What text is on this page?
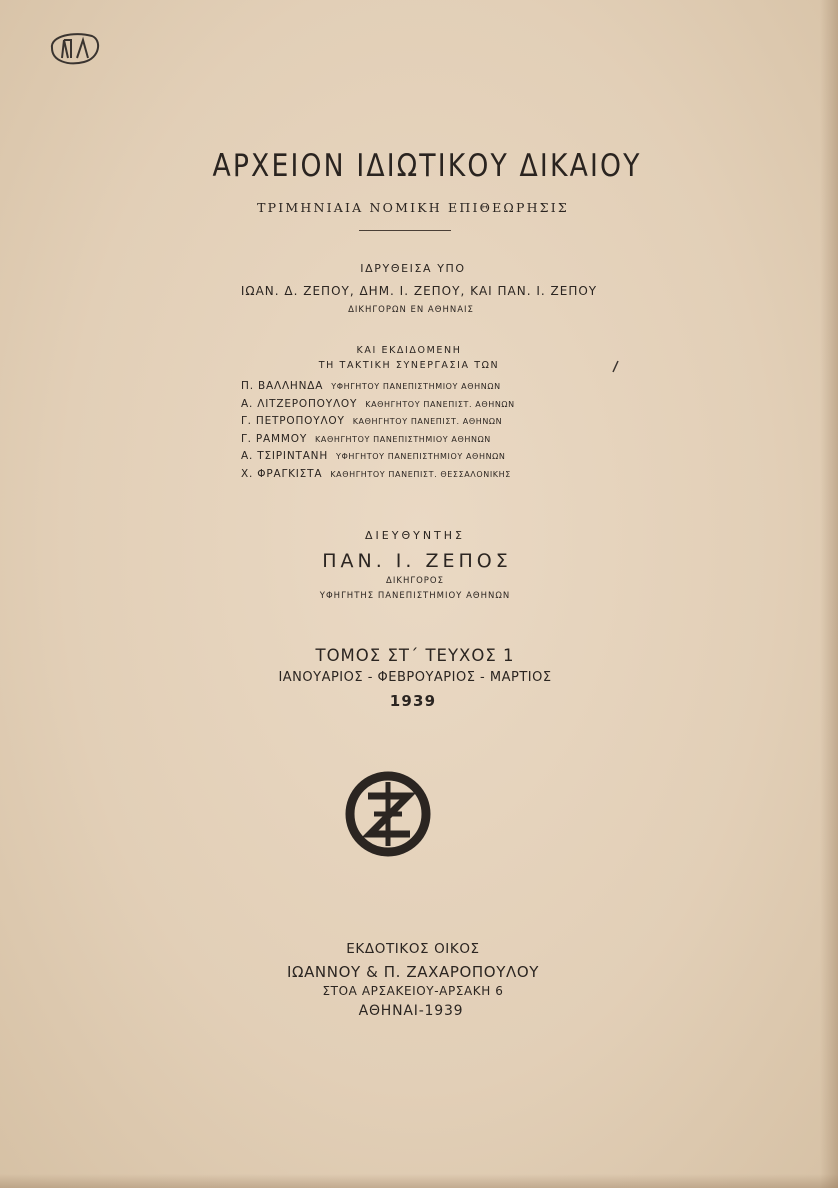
ΑΡΧΕΙΟΝ ΙΔΙΩΤΙΚΟΥ ΔΙΚΑΙΟΥ
ΤΡΙΜΗΝΙΑΙΑ ΝΟΜΙΚΗ ΕΠΙΘΕΩΡΗΣΙΣ
ΙΔΡΥΘΕΙΣΑ ΥΠΟ
ΙΩΑΝ. Δ. ΖΕΠΟΥ, ΔΗΜ. Ι. ΖΕΠΟΥ, ΚΑΙ ΠΑΝ. Ι. ΖΕΠΟΥ
ΔΙΚΗΓΟΡΩΝ ΕΝ ΑΘΗΝΑΙΣ
ΚΑΙ ΕΚΔΙΔΟΜΕΝΗ
ΤΗ ΤΑΚΤΙΚΗ ΣΥΝΕΡΓΑΣΙΑ ΤΩΝ
Π. ΒΑΛΛΗΝΔΑ ΥΦΗΓΗΤΟΥ ΠΑΝΕΠΙΣΤΗΜΙΟΥ ΑΘΗΝΩΝ
Α. ΛΙΤΖΕΡΟΠΟΥΛΟΥ ΚΑΘΗΓΗΤΟΥ ΠΑΝΕΠΙΣΤ. ΑΘΗΝΩΝ
Γ. ΠΕΤΡΟΠΟΥΛΟΥ ΚΑΘΗΓΗΤΟΥ ΠΑΝΕΠΙΣΤ. ΑΘΗΝΩΝ
Γ. ΡΑΜΜΟΥ ΚΑΘΗΓΗΤΟΥ ΠΑΝΕΠΙΣΤΗΜΙΟΥ ΑΘΗΝΩΝ
Α. ΤΣΙΡΙΝΤΑΝΗ ΥΦΗΓΗΤΟΥ ΠΑΝΕΠΙΣΤΗΜΙΟΥ ΑΘΗΝΩΝ
Χ. ΦΡΑΓΚΙΣΤΑ ΚΑΘΗΓΗΤΟΥ ΠΑΝΕΠΙΣΤ. ΘΕΣΣΑΛΟΝΙΚΗΣ
ΔΙΕΥΘΥΝΤΗΣ
ΠΑΝ. Ι. ΖΕΠΟΣ
ΔΙΚΗΓΟΡΟΣ
ΥΦΗΓΗΤΗΣ ΠΑΝΕΠΙΣΤΗΜΙΟΥ ΑΘΗΝΩΝ
ΤΟΜΟΣ ΣΤ΄ ΤΕΥΧΟΣ 1
ΙΑΝΟΥΑΡΙΟΣ - ΦΕΒΡΟΥΑΡΙΟΣ - ΜΑΡΤΙΟΣ
1939
ΕΚΔΟΤΙΚΟΣ ΟΙΚΟΣ
ΙΩΑΝΝΟΥ & Π. ΖΑΧΑΡΟΠΟΥΛΟΥ
ΣΤΟΑ ΑΡΣΑΚΕΙΟΥ-ΑΡΣΑΚΗ 6
ΑΘΗΝΑΙ-1939
